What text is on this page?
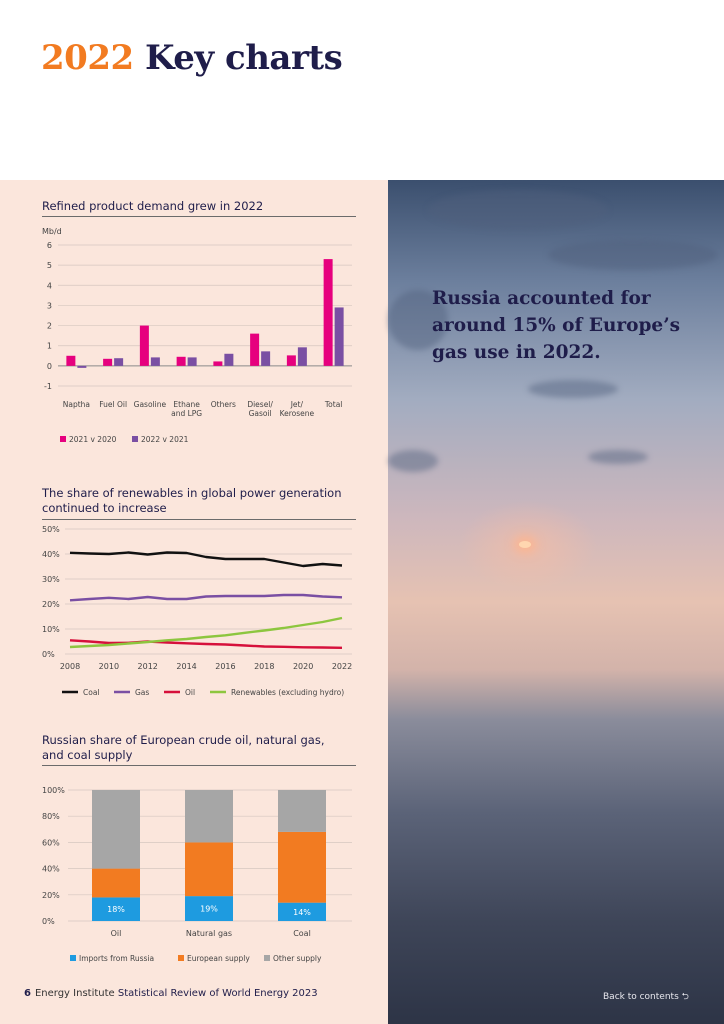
2022 Key charts
Russia accounted for around 15% of Europe’s gas use in 2022.
Refined product demand grew in 2022
Mb/d
6
5
4
3
2
1
0
-1
Naptha Fuel Oil Gasoline Ethane and LPG
Others Diesel/ Gasoil
Jet/ Kerosene
Total
2021 v 2020	2022 v 2021
The share of renewables in global power generation continued to increase
50%
40%
30%
20%
10%
0%
2008 2010 2012 2014 2016 2018 2020 2022
Coal	Gas	Oil	Renewables (excluding hydro)
Russian share of European crude oil, natural gas, and coal supply
100%
80%
60%
40%
20%
0%
18%
Oil
19%
Natural gas
14%
Coal
Imports from Russia	European supply	Other supply
6 Energy Institute Statistical Review of World Energy 2023	Back to contents ⮌
